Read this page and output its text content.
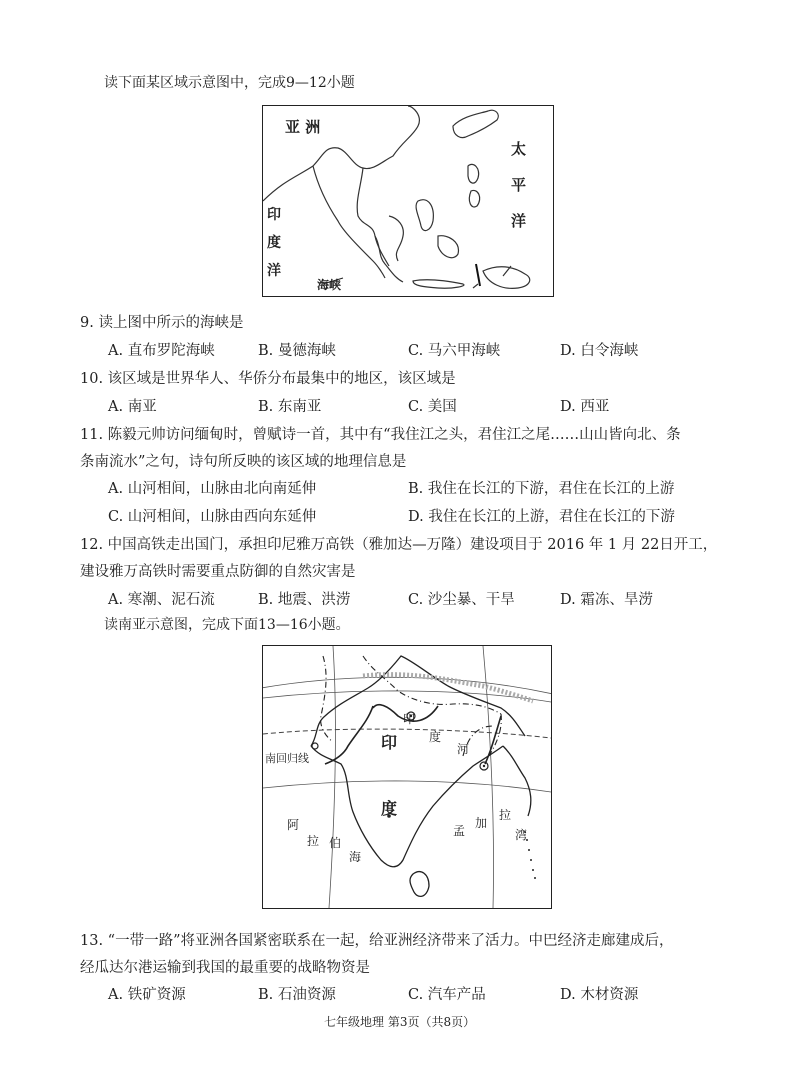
读下面某区域示意图中，完成9—12小题
亚 洲
太
平
洋
印
度
洋
海峡
9. 读上图中所示的海峡是
A. 直布罗陀海峡	B. 曼德海峡	C. 马六甲海峡	D. 白令海峡
10. 该区域是世界华人、华侨分布最集中的地区，该区域是
A. 南亚	B. 东南亚	C. 美国	D. 西亚
11. 陈毅元帅访问缅甸时，曾赋诗一首，其中有“我住江之头，君住江之尾……山山皆向北、条
条南流水”之句，诗句所反映的该区域的地理信息是
A. 山河相间，山脉由北向南延伸	B. 我住在长江的下游，君住在长江的上游
C. 山河相间，山脉由西向东延伸	D. 我住在长江的上游，君住在长江的下游
12. 中国高铁走出国门，承担印尼雅万高铁（雅加达—万隆）建设项目于 2016 年 1 月 22日开工，
建设雅万高铁时需要重点防御的自然灾害是
A. 寒潮、泥石流	B. 地震、洪涝	C. 沙尘暴、干旱	D. 霜冻、旱涝
读南亚示意图，完成下面13—16小题。
印
度
印
度
河
南回归线
阿
拉 伯
海
孟
加
拉
湾
13. “一带一路”将亚洲各国紧密联系在一起，给亚洲经济带来了活力。中巴经济走廊建成后，
经瓜达尔港运输到我国的最重要的战略物资是
A. 铁矿资源	B. 石油资源	C. 汽车产品	D. 木材资源
七年级地理 第3页（共8页）
